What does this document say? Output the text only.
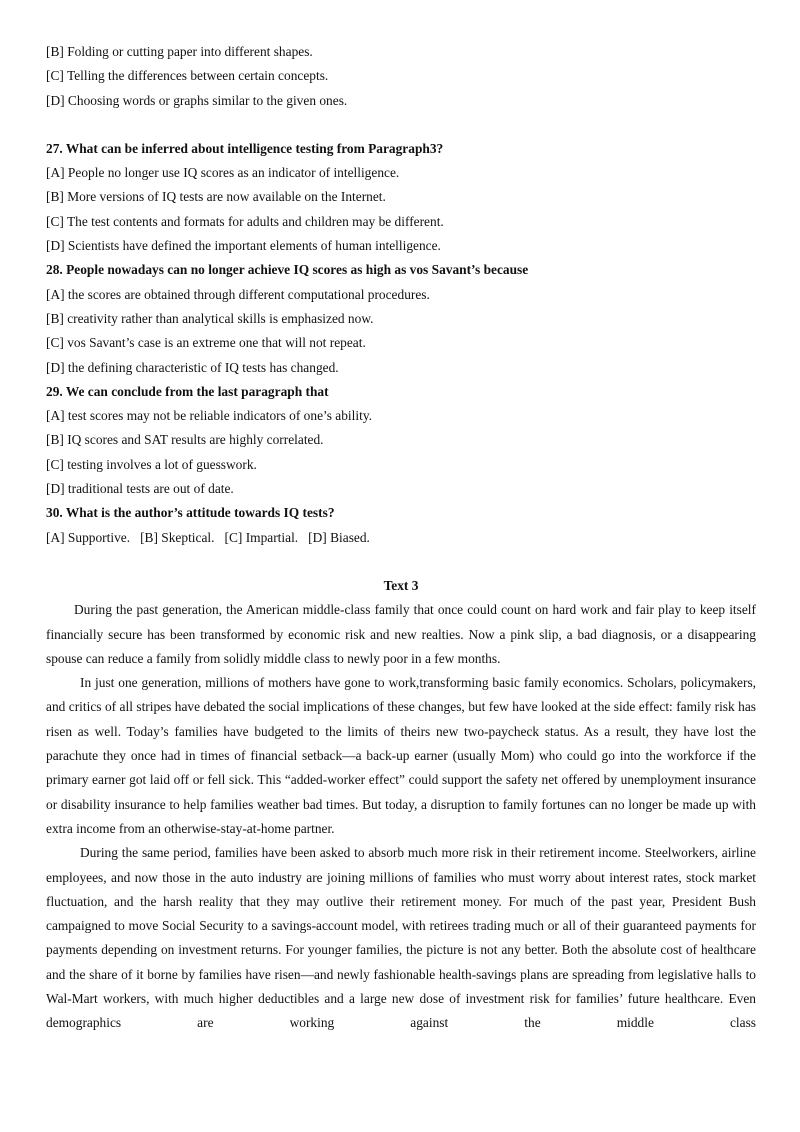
[B] Folding or cutting paper into different shapes.

[C] Telling the differences between certain concepts.

[D] Choosing words or graphs similar to the given ones.

27. What can be inferred about intelligence testing from Paragraph3?

[A] People no longer use IQ scores as an indicator of intelligence.

[B] More versions of IQ tests are now available on the Internet.

[C] The test contents and formats for adults and children may be different.

[D] Scientists have defined the important elements of human intelligence.

28. People nowadays can no longer achieve IQ scores as high as vos Savant’s because

[A] the scores are obtained through different computational procedures.

[B] creativity rather than analytical skills is emphasized now.

[C] vos Savant’s case is an extreme one that will not repeat.

[D] the defining characteristic of IQ tests has changed.

29. We can conclude from the last paragraph that

[A] test scores may not be reliable indicators of one’s ability.

[B] IQ scores and SAT results are highly correlated.

[C] testing involves a lot of guesswork.

[D] traditional tests are out of date.

30. What is the author’s attitude towards IQ tests?

[A] Supportive.   [B] Skeptical.   [C] Impartial.   [D] Biased.

Text 3

During the past generation, the American middle-class family that once could count on hard work and fair play to keep itself financially secure has been transformed by economic risk and new realties. Now a pink slip, a bad diagnosis, or a disappearing spouse can reduce a family from solidly middle class to newly poor in a few months.

In just one generation, millions of mothers have gone to work,transforming basic family economics. Scholars, policymakers, and critics of all stripes have debated the social implications of these changes, but few have looked at the side effect: family risk has risen as well. Today’s families have budgeted to the limits of theirs new two-paycheck status. As a result, they have lost the parachute they once had in times of financial setback—a back-up earner (usually Mom) who could go into the workforce if the primary earner got laid off or fell sick. This “added-worker effect” could support the safety net offered by unemployment insurance or disability insurance to help families weather bad times. But today, a disruption to family fortunes can no longer be made up with extra income from an otherwise-stay-at-home partner.

During the same period, families have been asked to absorb much more risk in their retirement income. Steelworkers, airline employees, and now those in the auto industry are joining millions of families who must worry about interest rates, stock market fluctuation, and the harsh reality that they may outlive their retirement money. For much of the past year, President Bush campaigned to move Social Security to a savings-account model, with retirees trading much or all of their guaranteed payments for payments depending on investment returns. For younger families, the picture is not any better. Both the absolute cost of healthcare and the share of it borne by families have risen—and newly fashionable health-savings plans are spreading from legislative halls to Wal-Mart workers, with much higher deductibles and a large new dose of investment risk for families’ future healthcare. Even demographics are working against the middle class
